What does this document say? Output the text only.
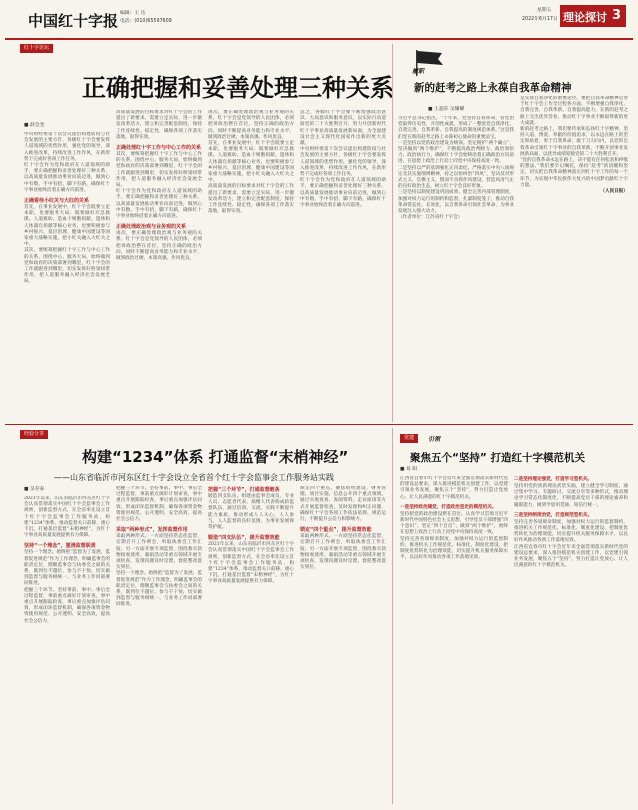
中国红十字报 编辑：王 达
电话：(010)65597609
星期五
2022年6月17日 理论探讨 3
红十字论坛
正确把握和妥善处理三种关系
■ 薛会奎
中央财经委第十次会议提出构建防疫与社会发展的主要方针，各级红十字会要发挥人道领域的优势作用，强化党的领导，深入推进改革，持续改进工作作风，在新形势下完成好各项工作任务。
红十字会作为党和政府在人道领域的助手，要正确把握和妥善处理好三种关系，以高质量发展推动事业向前迈进，做到心中有数、手中有招、脚下有路，确保红十字事业始终沿着正确方向前进。
正确看待小红关与大红的关系
首先，在事业发展中，红十字会既要立足本职，也要服务大局；既要做好应急救援、人道救助、造血干细胞捐献、遗体和人体器官捐献等核心业务，也要积极参与乡村振兴、基层治理、健康中国建设等国家重大战略实施，把小红关融入大红关之中。
其次，要统筹把握红十字工作与中心工作的关系，围绕中心、服务大局，始终做到党和政府的决策部署到哪里，红十字会的工作就跟进到哪里，切实发挥好桥梁纽带作用，把人道服务融入经济社会发展全局。
高质量发展的目标要求对红十字会的工作提出了新要求，需要立足实际，进一步激发改革活力，建立和完善配套制度，保持工作连续性、稳定性，确保各项工作落实落地，取得实效。
正确处理红十字工作与中心工作的关系
其次，要统筹把握红十字工作与中心工作的关系，围绕中心、服务大局，始终做到党和政府的决策部署到哪里，红十字会的工作就跟进到哪里，切实发挥好桥梁纽带作用，把人道服务融入经济社会发展全局。
红十字会作为党和政府在人道领域的助手，要正确把握和妥善处理好三种关系，以高质量发展推动事业向前迈进，做到心中有数、手中有招、脚下有路，确保红十字事业始终沿着正确方向前进。
正确处理政治观与业务观的关系
再次，要正确处理政治观与业务观的关系。红十字会是党领导的人民团体，必须把讲政治摆在首位，坚持正确的政治方向，同时不断提高业务能力和专业水平，做到政治过硬、本领高强、作风优良。
再次，要正确处理政治观与业务观的关系。红十字会是党领导的人民团体，必须把讲政治摆在首位，坚持正确的政治方向，同时不断提高业务能力和专业水平，做到政治过硬、本领高强、作风优良。
首先，在事业发展中，红十字会既要立足本职，也要服务大局；既要做好应急救援、人道救助、造血干细胞捐献、遗体和人体器官捐献等核心业务，也要积极参与乡村振兴、基层治理、健康中国建设等国家重大战略实施，把小红关融入大红关之中。
高质量发展的目标要求对红十字会的工作提出了新要求，需要立足实际，进一步激发改革活力，建立和完善配套制度，保持工作连续性、稳定性，确保各项工作落实落地，取得实效。
总之，各级红十字会要不断增强政治意识、大局意识和服务意识，以实际行动迎接党的二十大胜利召开，努力开创新时代红十字事业高质量发展新局面，为全面建设社会主义现代化国家作出新的更大贡献。
中央财经委第十次会议提出构建防疫与社会发展的主要方针，各级红十字会要发挥人道领域的优势作用，强化党的领导，深入推进改革，持续改进工作作风，在新形势下完成好各项工作任务。
红十字会作为党和政府在人道领域的助手，要正确把握和妥善处理好三种关系，以高质量发展推动事业向前迈进，做到心中有数、手中有招、脚下有路，确保红十字事业始终沿着正确方向前进。
履职
新的赶考之路上永葆自我革命精神
■ 王超莎 吴耀曜
习近平总书记指出，“十年来，党坚持自我革命，管党治党取得历史性、开创性成就，形成了一整套党自我净化、自我完善、自我革新、自我提高的制度规范体系。”这是我们党在新的赶考之路上永葆初心使命的重要法宝。
一是坚持以党的政治建设为统领。坚定拥护“两个确立”，坚决做到“两个维护”，不断提高政治判断力、政治领悟力、政治执行力，确保红十字会始终沿着正确政治方向前进，在思想上政治上行动上同党中央保持高度一致。
二是坚持以严的基调强化正风肃纪。严格落实中央八项规定及其实施细则精神，持之以恒纠治“四风”，坚决反对形式主义、官僚主义，锲而不舍抓作风建设，营造风清气正的良好政治生态，树立红十字会良好形象。
三是坚持以制度建设巩固成果。健全完善内部管理制度，加强对权力运行的制约和监督，扎紧制度笼子，推动自我革命常态化、长效化，以自我革命引领社会革命，为事业发展注入强大动力。
（作者单位：江苏省红十字会）
是实现自我净化的重要途径。要把自我革命精神贯穿于红十字会工作全过程各方面，不断增强自我净化、自我完善、自我革新、自我提高能力，在新的赶考之路上交出优异答卷，推动红十字事业不断取得新的更大成就。
新的赶考之路上，我们要传承和弘扬红十字精神，坚持人道、博爱、奉献的价值追求，以永远在路上的坚定和执着，勇于自我革命，敢于刀刃向内，以党的自我革命引领红十字事业的自我革新，不断开创事业发展新局面，以优异成绩迎接党的二十大胜利召开。
“党的自我革命永远在路上，决不能有任何松劲和停歇的想法。”我们要牢记嘱托，保持“赶考”的清醒和坚定，切实把自我革命精神落实到红十字工作的每一个环节，为实现中华民族伟大复兴的中国梦贡献红十字力量。
（人民日报）
经验分享
构建“1234”体系 打通监督“末梢神经”
——山东省临沂市河东区红十字会设立全省首个红十字会监事会工作服务站实践
■ 吴存泰
2021年以来，山东省临沂市河东区红十字会认真贯彻落实中国红十字会监事会工作规则，创新监督方式，在全省率先设立首个红十字会监事会工作服务站，构建“1234”体系，推动监督关口前移、重心下沉，打通基层监督“末梢神经”，为红十字事业高质量发展提供有力保障。
坚持“一个理念”，厘清监督职责
坚持一个理念。始终把“监督为了发展、监督促进规范”作为工作理念，明确监事会的职责定位，理顺监事会与执委会之间的关系，既到位不越位、参与不干预，切实做到监督与服务相统一、与业务工作同部署同推进。
把握三个环节。坚持事前、事中、事后全过程监督，事前重点做好计划审查，事中重点开展跟踪检查，事后重点加强评估问效，形成闭环监督机制，确保各项资金物资使用规范、公开透明、安全高效，提高社会公信力。
把握三个环节。坚持事前、事中、事后全过程监督，事前重点做好计划审查，事中重点开展跟踪检查，事后重点加强评估问效，形成闭环监督机制，确保各项资金物资使用规范、公开透明、安全高效，提高社会公信力。
采取“两种形式”，发挥监督作用
采取两种形式。一方面坚持常态化监督，定期召开工作例会，听取执委会工作汇报；另一方面开展专项监督，围绕救灾款物接收使用、募捐活动等重点领域开展专项检查，发现问题及时反馈，督促整改落实到位。
坚持一个理念。始终把“监督为了发展、监督促进规范”作为工作理念，明确监事会的职责定位，理顺监事会与执委会之间的关系，既到位不越位、参与不干预，切实做到监督与服务相统一、与业务工作同部署同推进。
把握“三个环节”，打通监督链条
锻造四支队伍。组建由监事会成员、专业人员、志愿者代表、捐赠人代表构成的监督队伍，通过培训、交流、实践不断提升能力素质，推动形成人人关心、人人参与、人人监督的良好氛围，为事业发展保驾护航。
锻造“四支队伍”，提升监督效能
2021年以来，山东省临沂市河东区红十字会认真贯彻落实中国红十字会监事会工作规则，创新监督方式，在全省率先设立首个红十字会监事会工作服务站，构建“1234”体系，推动监督关口前移、重心下沉，打通基层监督“末梢神经”，为红十字事业高质量发展提供有力保障。
锁定四个重点。聚焦组织建设、财务管理、项目实施、信息公开四个重点领域，通过实地查看、查阅资料、走访座谈等方式开展监督检查，及时发现和纠正问题，确保红十字会各项工作依法依规、规范运行，不断提升公信力和影响力。
锁定“四个重点”，提升监督效能
采取两种形式。一方面坚持常态化监督，定期召开工作例会，听取执委会工作汇报；另一方面开展专项监督，围绕救灾款物接收使用、募捐活动等重点领域开展专项检查，发现问题及时反馈，督促整改落实到位。
党建	引领
聚焦五个“坚持” 打造红十字模范机关
■ 易 阳
江西省宜春市红十字会近年来全面贯彻落实新时代党的建设总要求，深入推进模范机关创建工作，以党建引领业务发展，聚焦五个“坚持”，努力打造让党放心、让人民满意的红十字模范机关。
一是坚持政治建党，打造政治坚定的模范机关。
坚持把党的政治建设摆在首位，认真学习贯彻习近平新时代中国特色社会主义思想，引导党员干部增强“四个意识”、坚定“四个自信”、做到“两个维护”，始终在思想上政治上行动上同党中央保持高度一致。
坚持完善各项规章制度，加强对权力运行的监督制约，推进机关工作规范化、标准化、制度化建设，把制度优势转化为治理效能，切实提升机关服务保障水平，以良好作风推动各项工作落地见效。
二是坚持理论强党，打造学习型机关。
坚持用党的创新理论武装头脑，建立健全学习制度，通过集中学习、专题研讨、交流分享等多种形式，推动理论学习常态化制度化，不断提高党员干部的理论素养和履职能力，做到学思用贯通、知信行统一。
三是坚持制度治党，打造规范型机关。
坚持完善各项规章制度，加强对权力运行的监督制约，推进机关工作规范化、标准化、制度化建设，把制度优势转化为治理效能，切实提升机关服务保障水平，以良好作风推动各项工作落地见效。
江西省宜春市红十字会近年来全面贯彻落实新时代党的建设总要求，深入推进模范机关创建工作，以党建引领业务发展，聚焦五个“坚持”，努力打造让党放心、让人民满意的红十字模范机关。
